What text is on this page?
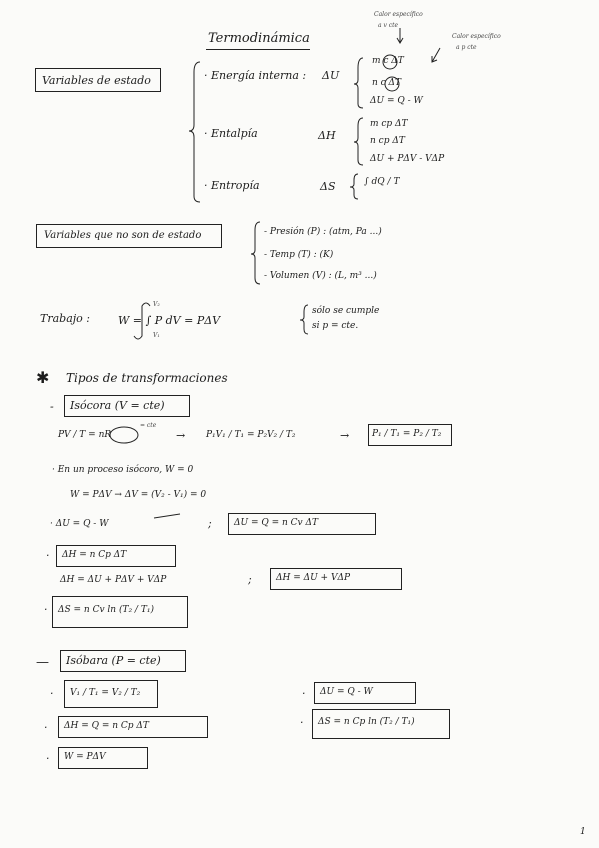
Termodinámica
Calor específico
a v cte
Calor específico
a p cte
Variables de estado	· Energía interna : ΔU
m c ΔT
n c ΔT
ΔU = Q - W
· Entalpía	ΔH
m cp ΔT
n cp ΔT
ΔU + PΔV - VΔP
· Entropía	ΔS	∫ dQ / T
Variables que no son de estado	- Presión (P) : (atm, Pa ...)
- Temp (T) : (K)
- Volumen (V) : (L, m³ ...)
Trabajo :	W = ∫ P dV = PΔV
V₂
V₁
sólo se cumple
si p = cte.
✱ Tipos de transformaciones
- Isócora (V = cte)
PV / T = nR
= cte
→ P₁V₁ / T₁ = P₂V₂ / T₂	→	P₁ / T₁ = P₂ / T₂
· En un proceso isócoro, W = 0
W = PΔV → ΔV = (V₂ - V₁) = 0
· ΔU = Q - W	; ΔU = Q = n Cv ΔT
· ΔH = n Cp ΔT
ΔH = ΔU + PΔV + VΔP	;	ΔH = ΔU + VΔP
· ΔS = n Cv ln (T₂ / T₁)
— Isóbara (P = cte)
· V₁ / T₁ = V₂ / T₂	· ΔU = Q - W
· ΔH = Q = n Cp ΔT	· ΔS = n Cp ln (T₂ / T₁)
· W = PΔV
1
